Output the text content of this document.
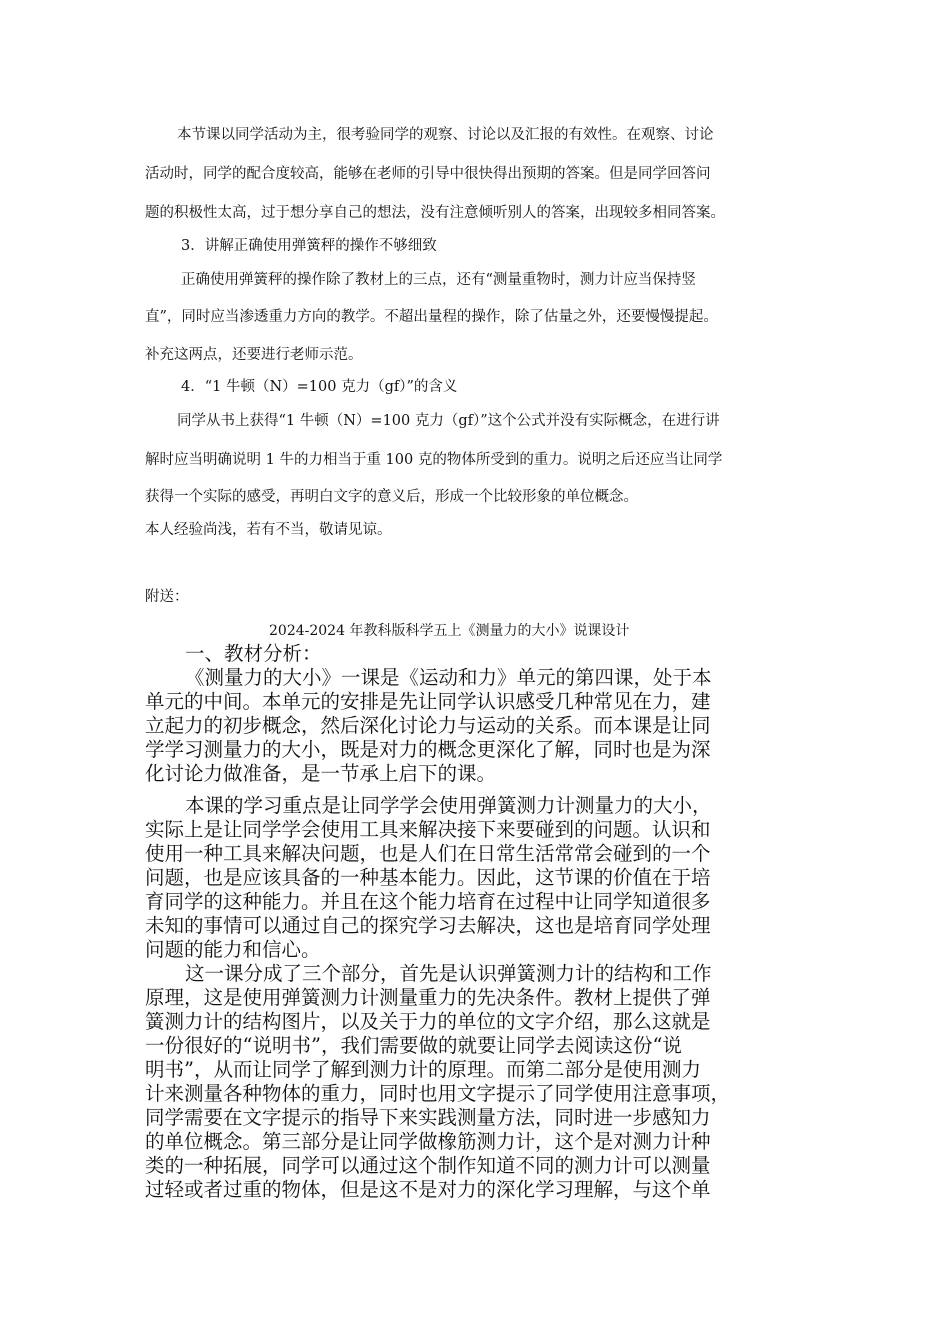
本节课以同学活动为主，很考验同学的观察、讨论以及汇报的有效性。在观察、讨论
活动时，同学的配合度较高，能够在老师的引导中很快得出预期的答案。但是同学回答问
题的积极性太高，过于想分享自己的想法，没有注意倾听别人的答案，出现较多相同答案。
3．讲解正确使用弹簧秤的操作不够细致
正确使用弹簧秤的操作除了教材上的三点，还有“测量重物时，测力计应当保持竖
直”，同时应当渗透重力方向的教学。不超出量程的操作，除了估量之外，还要慢慢提起。
补充这两点，还要进行老师示范。
4．“1 牛顿（N）=100 克力（gf）”的含义
同学从书上获得“1 牛顿（N）=100 克力（gf）”这个公式并没有实际概念，在进行讲
解时应当明确说明 1 牛的力相当于重 100 克的物体所受到的重力。说明之后还应当让同学
获得一个实际的感受，再明白文字的意义后，形成一个比较形象的单位概念。
本人经验尚浅，若有不当，敬请见谅。
附送：
2024-2024 年教科版科学五上《测量力的大小》说课设计
一、教材分析：
《测量力的大小》一课是《运动和力》单元的第四课，处于本
单元的中间。本单元的安排是先让同学认识感受几种常见在力，建
立起力的初步概念，然后深化讨论力与运动的关系。而本课是让同
学学习测量力的大小，既是对力的概念更深化了解，同时也是为深
化讨论力做准备，是一节承上启下的课。
本课的学习重点是让同学学会使用弹簧测力计测量力的大小，
实际上是让同学学会使用工具来解决接下来要碰到的问题。认识和
使用一种工具来解决问题，也是人们在日常生活常常会碰到的一个
问题，也是应该具备的一种基本能力。因此，这节课的价值在于培
育同学的这种能力。并且在这个能力培育在过程中让同学知道很多
未知的事情可以通过自己的探究学习去解决，这也是培育同学处理
问题的能力和信心。
这一课分成了三个部分，首先是认识弹簧测力计的结构和工作
原理，这是使用弹簧测力计测量重力的先决条件。教材上提供了弹
簧测力计的结构图片，以及关于力的单位的文字介绍，那么这就是
一份很好的“说明书”，我们需要做的就要让同学去阅读这份“说
明书”，从而让同学了解到测力计的原理。而第二部分是使用测力
计来测量各种物体的重力，同时也用文字提示了同学使用注意事项，
同学需要在文字提示的指导下来实践测量方法，同时进一步感知力
的单位概念。第三部分是让同学做橡筋测力计，这个是对测力计种
类的一种拓展，同学可以通过这个制作知道不同的测力计可以测量
过轻或者过重的物体，但是这不是对力的深化学习理解，与这个单
